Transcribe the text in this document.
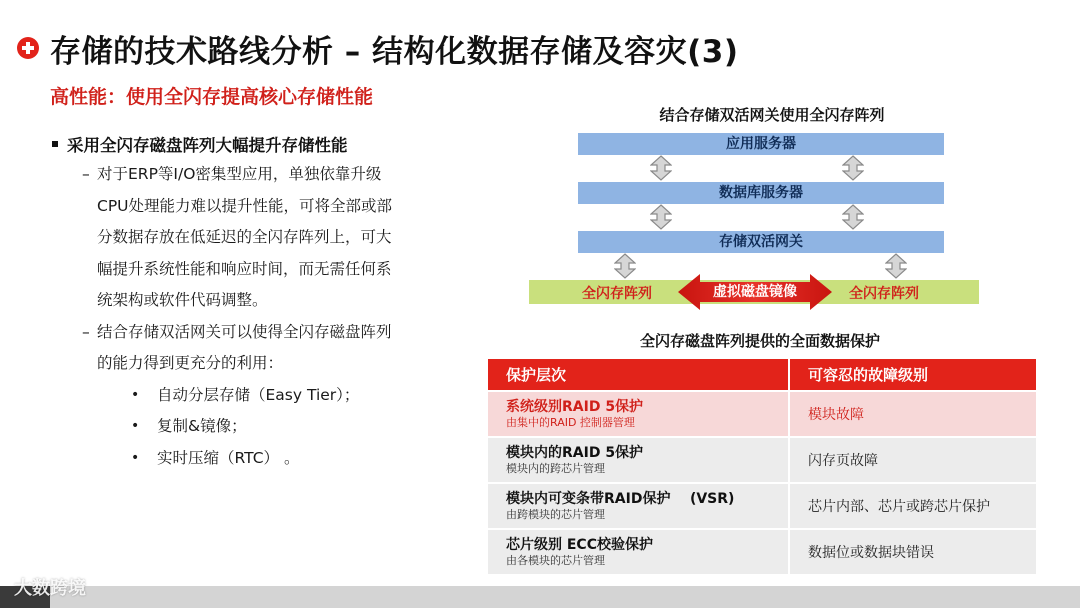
存储的技术路线分析 – 结构化数据存储及容灾(3)
高性能：使用全闪存提高核心存储性能
采用全闪存磁盘阵列大幅提升存储性能
– 对于ERP等I/O密集型应用，单独依靠升级

CPU处理能力难以提升性能，可将全部或部

分数据存放在低延迟的全闪存阵列上，可大

幅提升系统性能和响应时间，而无需任何系

统架构或软件代码调整。

– 结合存储双活网关可以使得全闪存磁盘阵列

的能力得到更充分的利用：

• 自动分层存储（Easy Tier）；
• 复制&镜像；
• 实时压缩（RTC） 。
结合存储双活网关使用全闪存阵列
应用服务器
数据库服务器
存储双活网关
全闪存阵列	全闪存阵列
虚拟磁盘镜像
全闪存磁盘阵列提供的全面数据保护
保护层次	可容忍的故障级别

系统级别RAID 5保护
由集中的RAID 控制器管理	模块故障

模块内的RAID 5保护
模块内的跨芯片管理	闪存页故障

模块内可变条带RAID保护    (VSR)
由跨模块的芯片管理	芯片内部、芯片或跨芯片保护

芯片级别 ECC校验保护
由各模块的芯片管理	数据位或数据块错误
大数跨境
